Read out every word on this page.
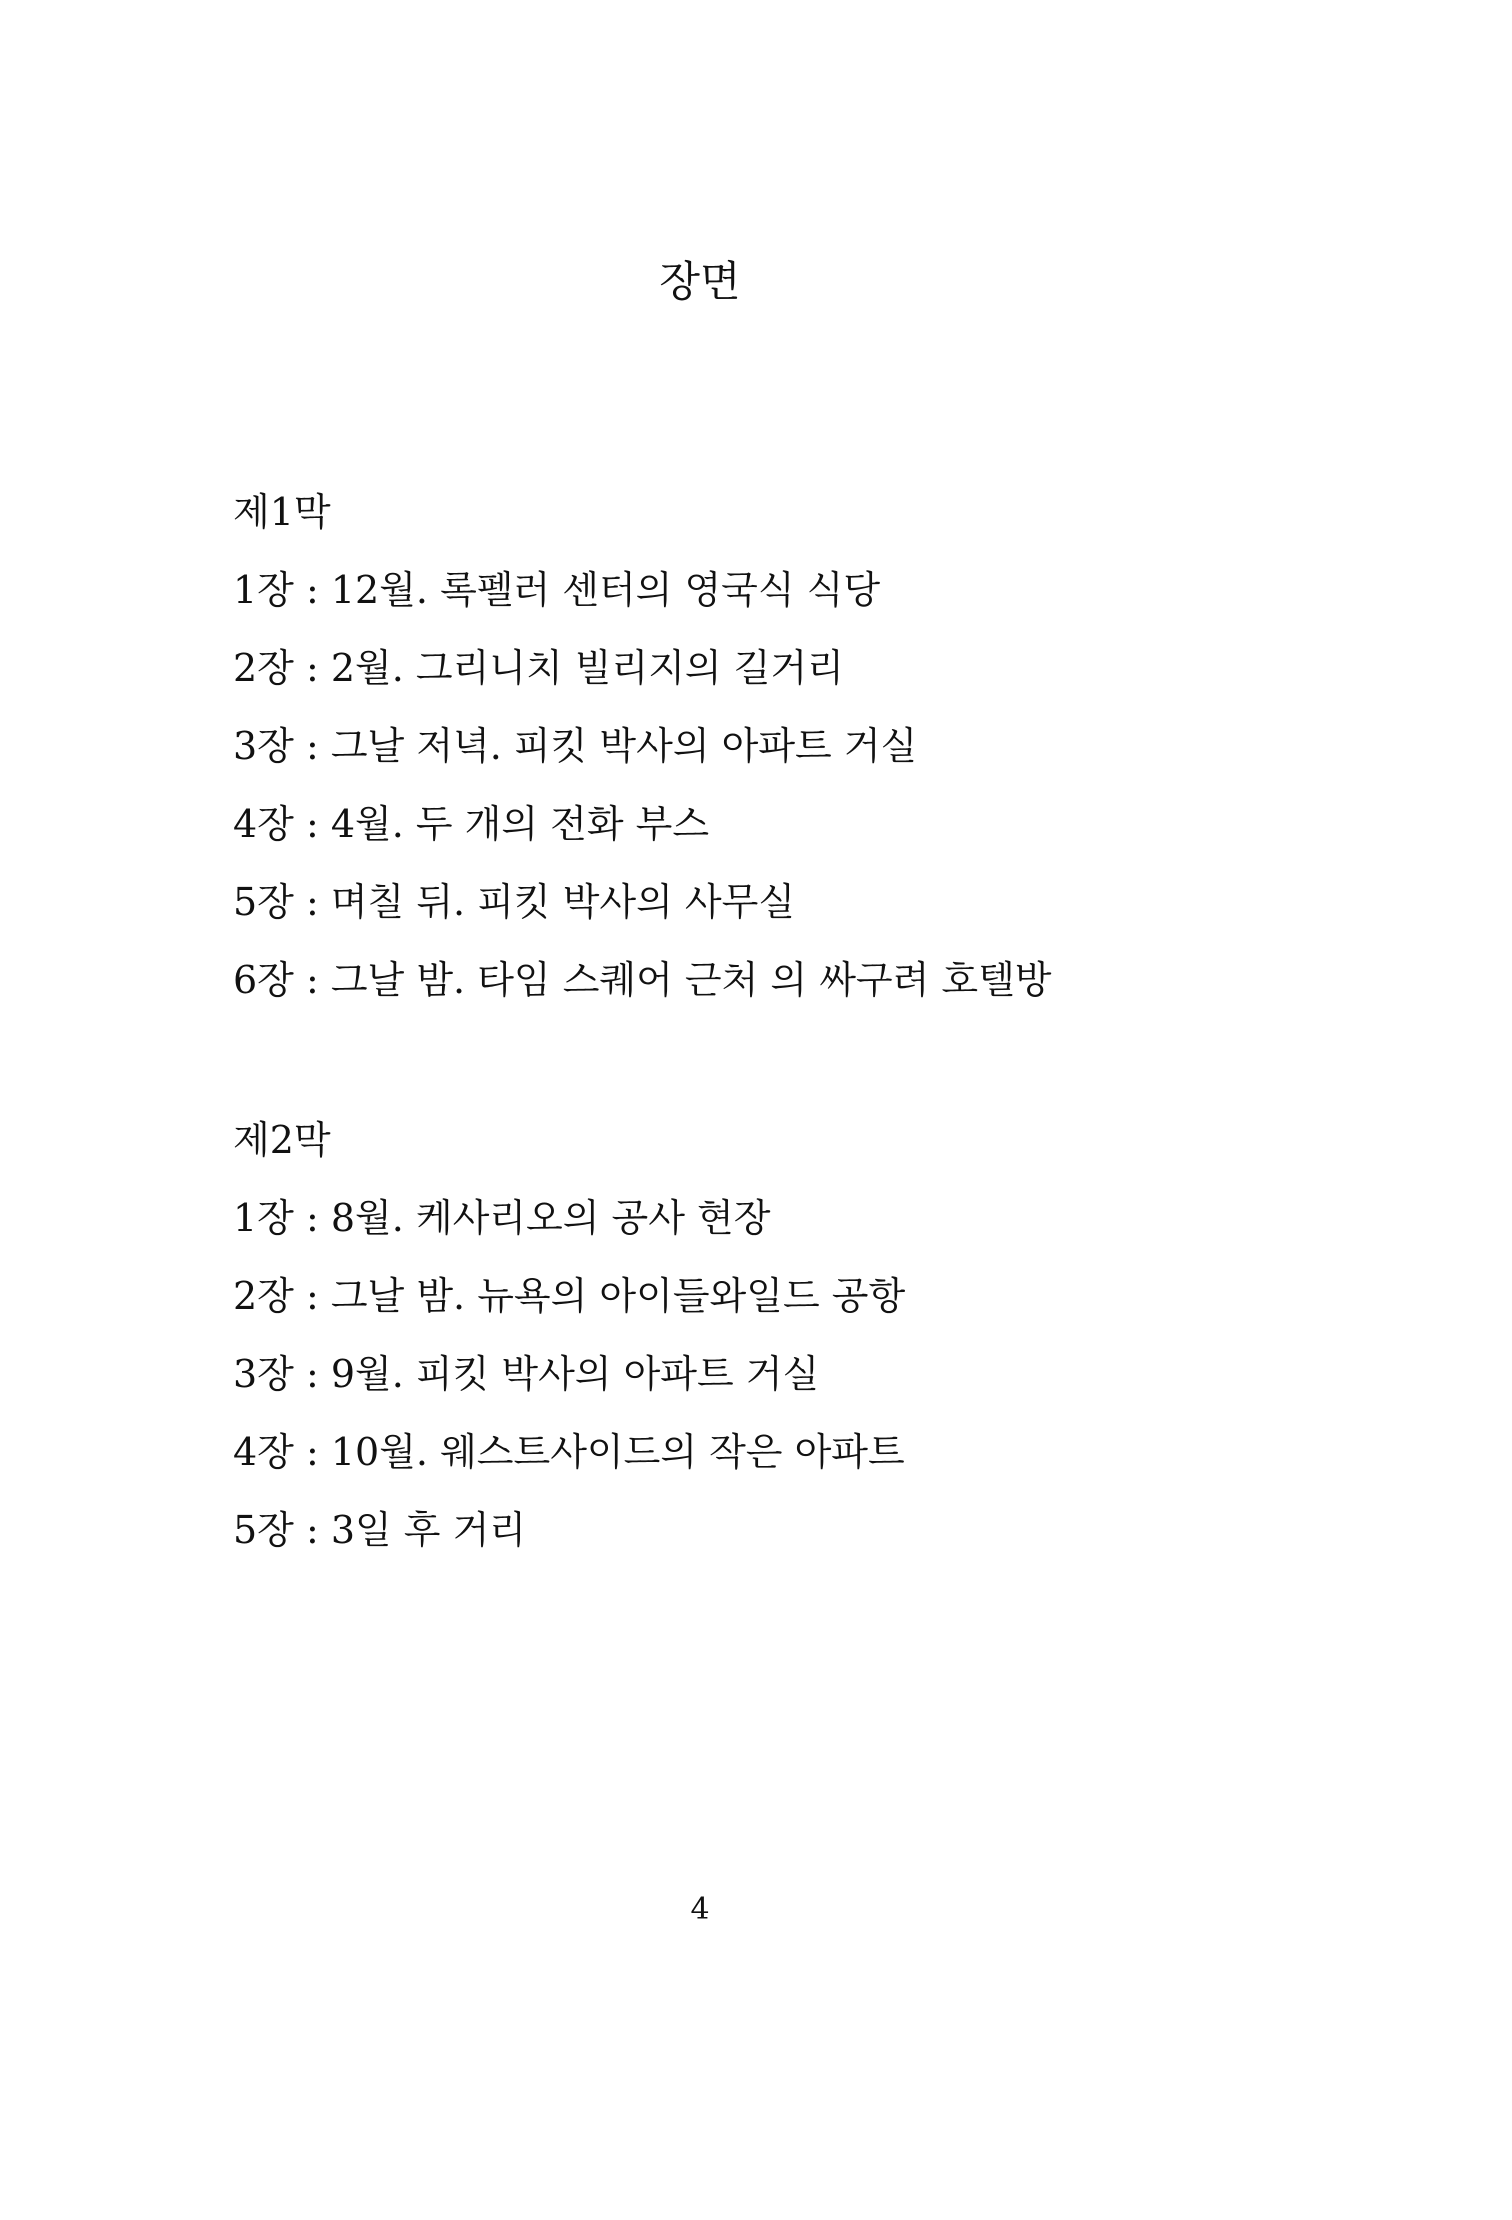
장면
제1막
1장 : 12월. 록펠러 센터의 영국식 식당
2장 : 2월. 그리니치 빌리지의 길거리
3장 : 그날 저녁. 피킷 박사의 아파트 거실
4장 : 4월. 두 개의 전화 부스
5장 : 며칠 뒤. 피킷 박사의 사무실
6장 : 그날 밤. 타임 스퀘어 근처 의 싸구려 호텔방
제2막
1장 : 8월. 케사리오의 공사 현장
2장 : 그날 밤. 뉴욕의 아이들와일드 공항
3장 : 9월. 피킷 박사의 아파트 거실
4장 : 10월. 웨스트사이드의 작은 아파트
5장 : 3일 후 거리
4
